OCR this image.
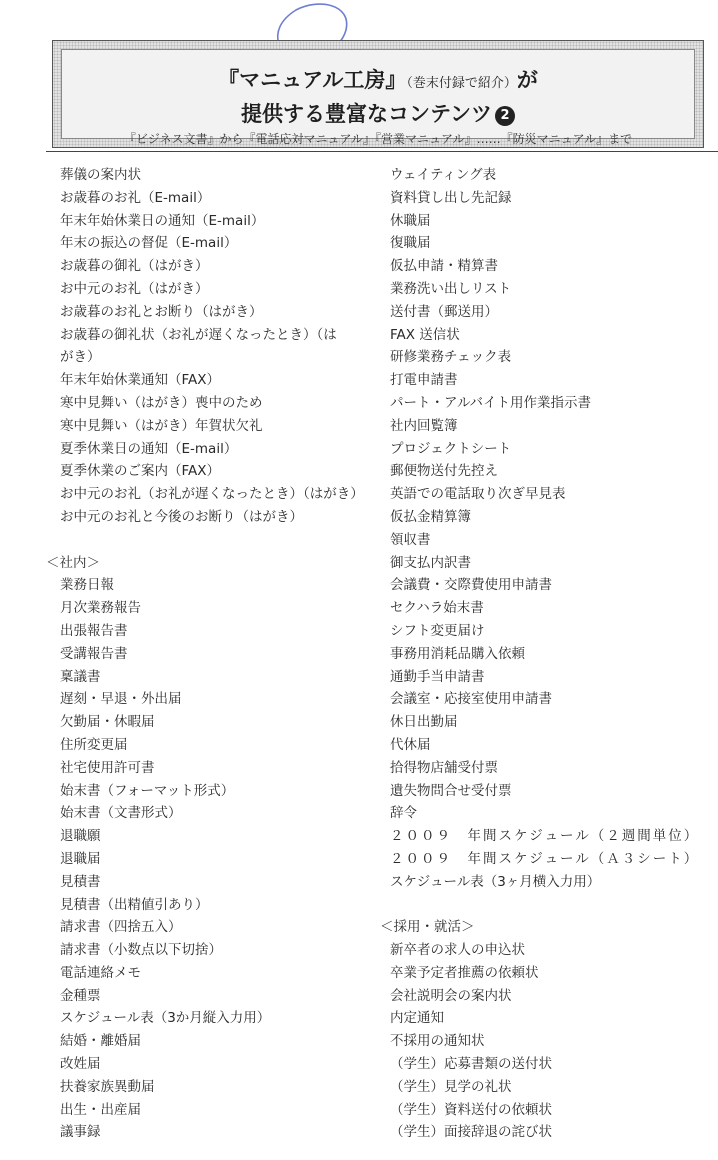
『マニュアル工房』（巻末付録で紹介）が
提供する豊富なコンテンツ 2
『ビジネス文書』から『電話応対マニュアル』『営業マニュアル』……『防災マニュアル』まで
葬儀の案内状
お歳暮のお礼（E-mail）
年末年始休業日の通知（E-mail）
年末の振込の督促（E-mail）
お歳暮の御礼（はがき）
お中元のお礼（はがき）
お歳暮のお礼とお断り（はがき）
お歳暮の御礼状（お礼が遅くなったとき）（は
がき）
年末年始休業通知（FAX）
寒中見舞い（はがき）喪中のため
寒中見舞い（はがき）年賀状欠礼
夏季休業日の通知（E-mail）
夏季休業のご案内（FAX）
お中元のお礼（お礼が遅くなったとき）（はがき）
お中元のお礼と今後のお断り（はがき）
＜社内＞
業務日報
月次業務報告
出張報告書
受講報告書
稟議書
遅刻・早退・外出届
欠勤届・休暇届
住所変更届
社宅使用許可書
始末書（フォーマット形式）
始末書（文書形式）
退職願
退職届
見積書
見積書（出精値引あり）
請求書（四捨五入）
請求書（小数点以下切捨）
電話連絡メモ
金種票
スケジュール表（3か月縦入力用）
結婚・離婚届
改姓届
扶養家族異動届
出生・出産届
議事録
ウェイティング表
資料貸し出し先記録
休職届
復職届
仮払申請・精算書
業務洗い出しリスト
送付書（郵送用）
FAX 送信状
研修業務チェック表
打電申請書
パート・アルバイト用作業指示書
社内回覧簿
プロジェクトシート
郵便物送付先控え
英語での電話取り次ぎ早見表
仮払金精算簿
領収書
御支払内訳書
会議費・交際費使用申請書
セクハラ始末書
シフト変更届け
事務用消耗品購入依頼
通勤手当申請書
会議室・応接室使用申請書
休日出勤届
代休届
拾得物店舗受付票
遺失物問合せ受付票
辞令
２００９　年間スケジュール（２週間単位）
２００９　年間スケジュール（Ａ３シート）
スケジュール表（3ヶ月横入力用）
＜採用・就活＞
新卒者の求人の申込状
卒業予定者推薦の依頼状
会社説明会の案内状
内定通知
不採用の通知状
（学生）応募書類の送付状
（学生）見学の礼状
（学生）資料送付の依頼状
（学生）面接辞退の詫び状
